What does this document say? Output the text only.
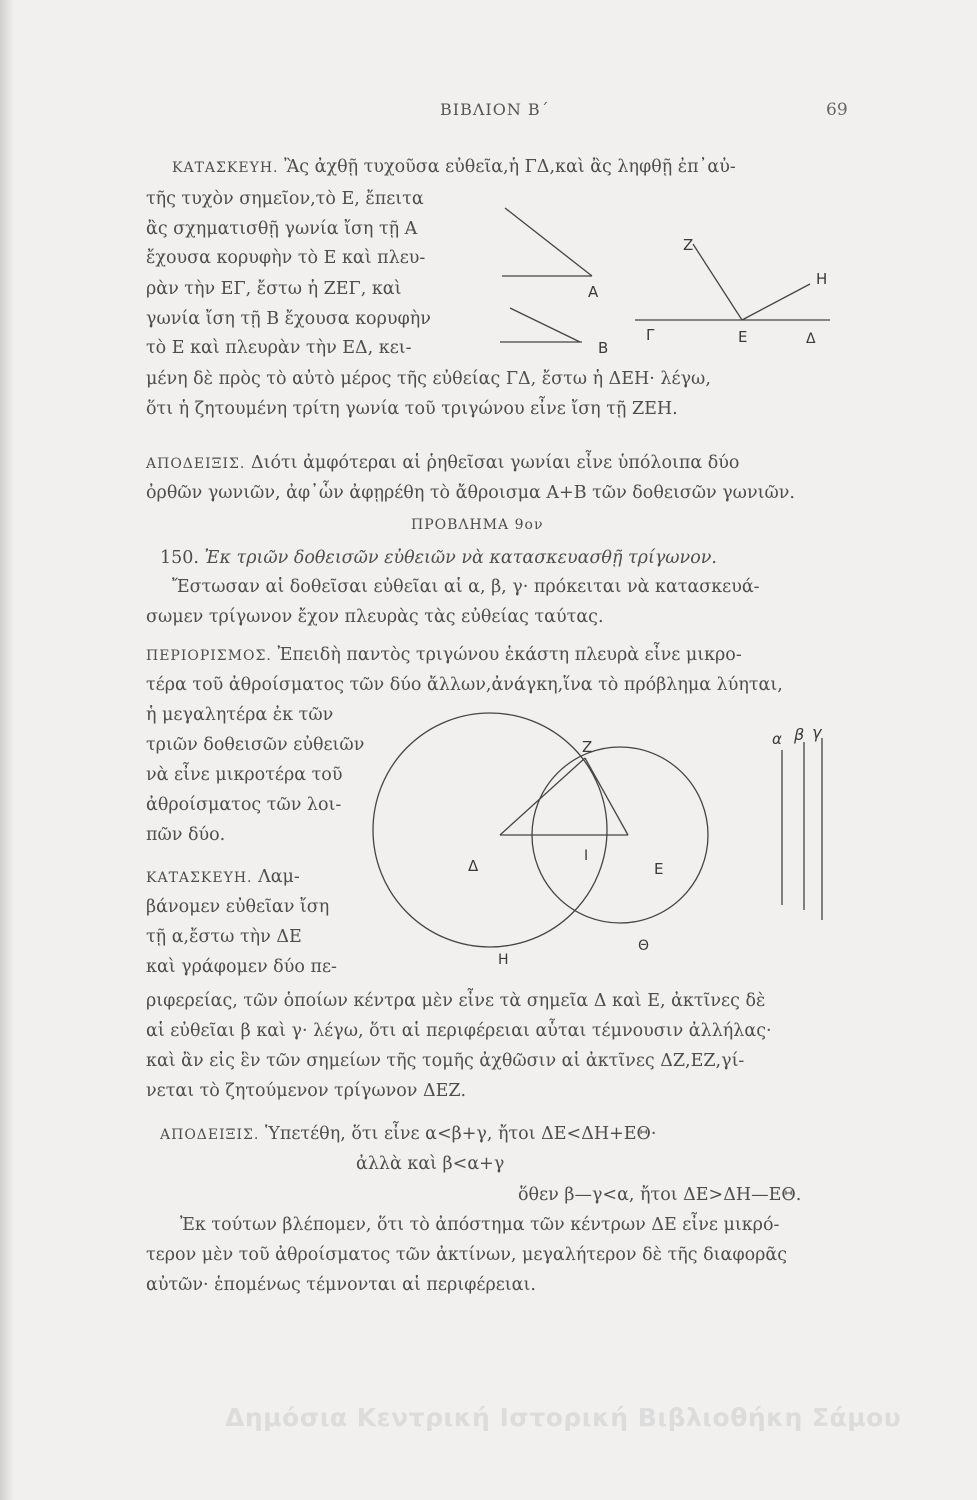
ΒΙΒΛΙΟΝ Β΄	69
ΚΑΤΑΣΚΕΥΗ. Ἂς ἀχθῇ τυχοῦσα εὐθεῖα,ἡ ΓΔ,καὶ ἂς ληφθῇ ἐπ᾽αὐ-
τῆς τυχὸν σημεῖον,τὸ Ε, ἔπειτα
ἂς σχηματισθῇ γωνία ἴση τῇ Α
ἔχουσα κορυφὴν τὸ Ε καὶ πλευ-
ρὰν τὴν ΕΓ, ἔστω ἡ ΖΕΓ, καὶ
γωνία ἴση τῇ Β ἔχουσα κορυφὴν
τὸ Ε καὶ πλευρὰν τὴν ΕΔ, κει-
μένη δὲ πρὸς τὸ αὐτὸ μέρος τῆς εὐθείας ΓΔ, ἔστω ἡ ΔΕΗ· λέγω,
ὅτι ἡ ζητουμένη τρίτη γωνία τοῦ τριγώνου εἶνε ἴση τῇ ΖΕΗ.
Ζ
Η
Α
Γ	Ε	Δ
Β
ΑΠΟΔΕΙΞΙΣ. Διότι ἀμφότεραι αἱ ῥηθεῖσαι γωνίαι εἶνε ὑπόλοιπα δύο
ὀρθῶν γωνιῶν, ἀφ᾽ὧν ἀφῃρέθη τὸ ἄθροισμα Α+Β τῶν δοθεισῶν γωνιῶν.
ΠΡΟΒΛΗΜΑ 9ον
150. Ἐκ τριῶν δοθεισῶν εὐθειῶν νὰ κατασκευασθῇ τρίγωνον.
Ἔστωσαν αἱ δοθεῖσαι εὐθεῖαι αἱ α, β, γ· πρόκειται νὰ κατασκευά-
σωμεν τρίγωνον ἔχον πλευρὰς τὰς εὐθείας ταύτας.
ΠΕΡΙΟΡΙΣΜΟΣ. Ἐπειδὴ παντὸς τριγώνου ἑκάστη πλευρὰ εἶνε μικρο-
τέρα τοῦ ἀθροίσματος τῶν δύο ἄλλων,ἀνάγκη,ἵνα τὸ πρόβλημα λύηται,
ἡ μεγαλητέρα ἐκ τῶν
τριῶν δοθεισῶν εὐθειῶν
νὰ εἶνε μικροτέρα τοῦ
ἀθροίσματος τῶν λοι-
πῶν δύο.
ΚΑΤΑΣΚΕΥΗ. Λαμ-
βάνομεν εὐθεῖαν ἴση
τῇ α,ἔστω τὴν ΔΕ
καὶ γράφομεν δύο πε-
ριφερείας, τῶν ὁποίων κέντρα μὲν εἶνε τὰ σημεῖα Δ καὶ Ε, ἀκτῖνες δὲ
αἱ εὐθεῖαι β καὶ γ· λέγω, ὅτι αἱ περιφέρειαι αὗται τέμνουσιν ἀλλήλας·
καὶ ἂν εἰς ἓν τῶν σημείων τῆς τομῆς ἀχθῶσιν αἱ ἀκτῖνες ΔΖ,ΕΖ,γί-
νεται τὸ ζητούμενον τρίγωνον ΔΕΖ.
Ζ
Δ
Ι
Ε
Θ
Η
α β γ
ΑΠΟΔΕΙΞΙΣ. Ὑπετέθη, ὅτι εἶνε α<β+γ, ἤτοι ΔΕ<ΔΗ+ΕΘ·
ἀλλὰ καὶ β<α+γ
ὅθεν β—γ<α, ἤτοι ΔΕ>ΔΗ—ΕΘ.
Ἐκ τούτων βλέπομεν, ὅτι τὸ ἀπόστημα τῶν κέντρων ΔΕ εἶνε μικρό-
τερον μὲν τοῦ ἀθροίσματος τῶν ἀκτίνων, μεγαλήτερον δὲ τῆς διαφορᾶς
αὐτῶν· ἑπομένως τέμνονται αἱ περιφέρειαι.
Δημόσια Κεντρική Ιστορική Βιβλιοθήκη Σάμου
